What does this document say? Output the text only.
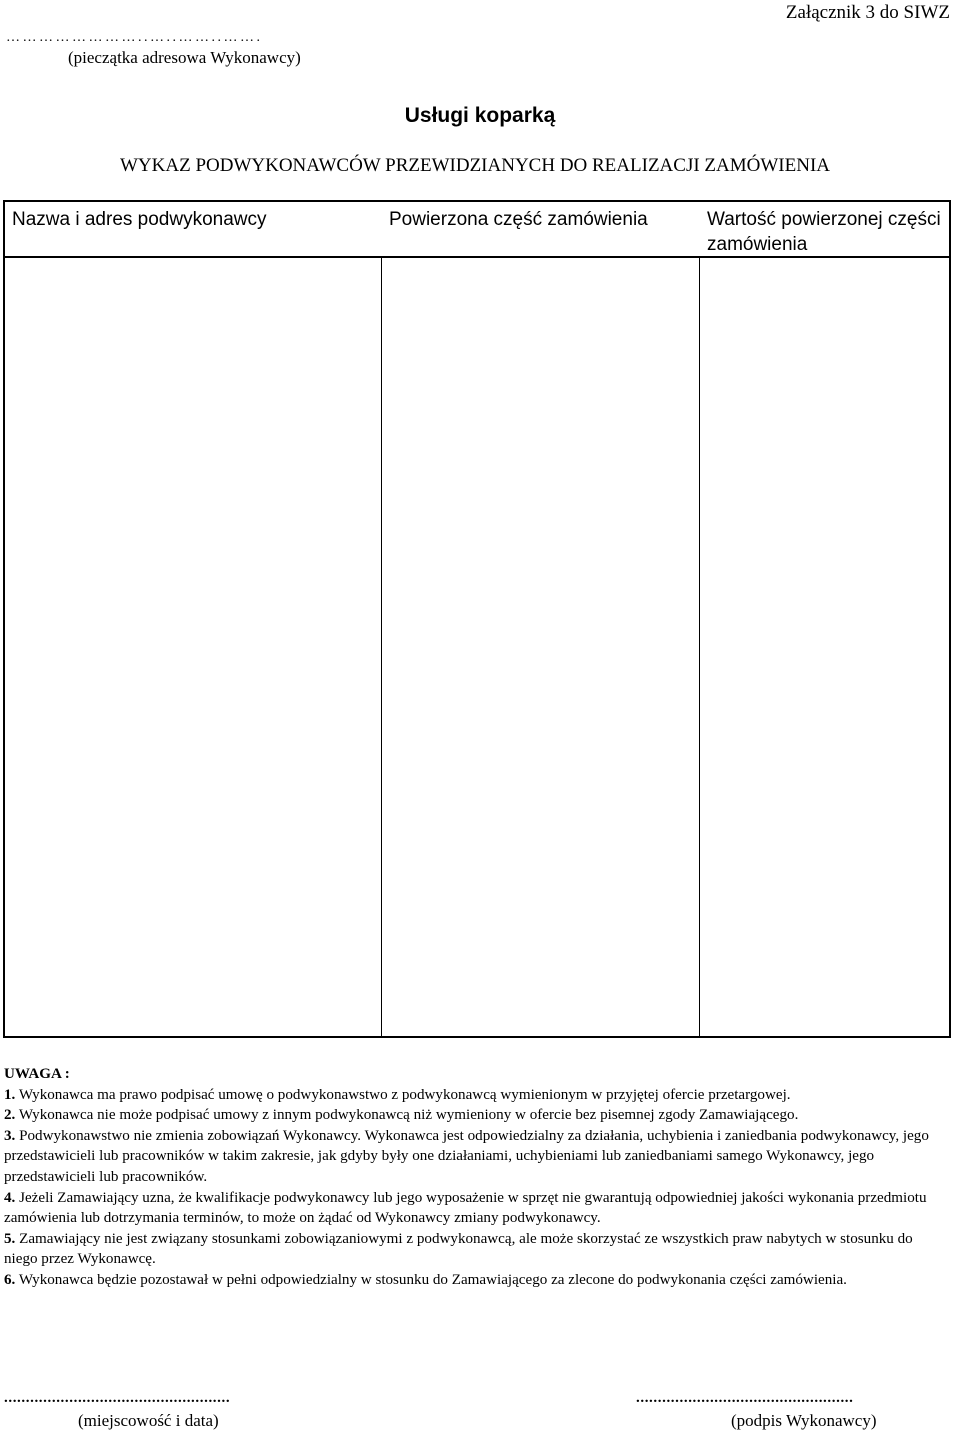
Załącznik 3 do SIWZ
……………………..…..……..…….
(pieczątka adresowa Wykonawcy)
Usługi koparką
WYKAZ PODWYKONAWCÓW PRZEWIDZIANYCH DO REALIZACJI ZAMÓWIENIA
Nazwa i adres podwykonawcy	Powierzona część zamówienia	Wartość powierzonej części zamówienia

UWAGA :

1. Wykonawca ma prawo podpisać umowę o podwykonawstwo z podwykonawcą wymienionym w przyjętej ofercie przetargowej.

2. Wykonawca nie może podpisać umowy z innym podwykonawcą niż wymieniony w ofercie bez pisemnej zgody Zamawiającego.

3. Podwykonawstwo nie zmienia zobowiązań Wykonawcy. Wykonawca jest odpowiedzialny za działania, uchybienia i zaniedbania podwykonawcy, jego przedstawicieli lub pracowników w takim zakresie, jak gdyby były one działaniami, uchybieniami lub zaniedbaniami samego Wykonawcy, jego przedstawicieli lub pracowników.

4. Jeżeli Zamawiający uzna, że kwalifikacje podwykonawcy lub jego wyposażenie w sprzęt nie gwarantują odpowiedniej jakości wykonania przedmiotu zamówienia lub dotrzymania terminów, to może on żądać od Wykonawcy zmiany podwykonawcy.

5. Zamawiający nie jest związany stosunkami zobowiązaniowymi z podwykonawcą, ale może skorzystać ze wszystkich praw nabytych w stosunku do niego przez Wykonawcę.

6. Wykonawca będzie pozostawał w pełni odpowiedzialny w stosunku do Zamawiającego za zlecone do podwykonania części zamówienia.

....................................................	..................................................
(miejscowość i data)	(podpis Wykonawcy)
